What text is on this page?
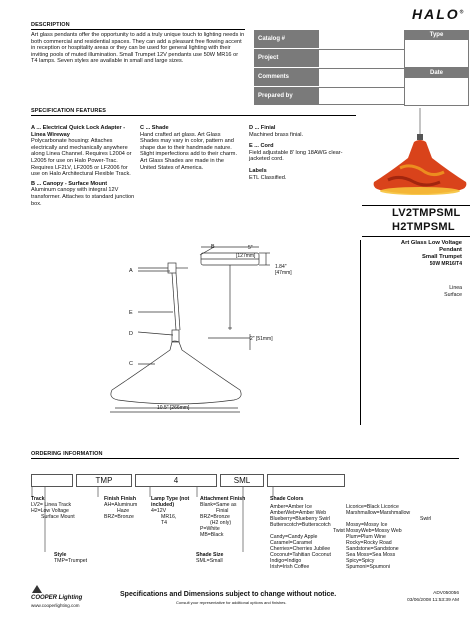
HALO®
DESCRIPTION
Art glass pendants offer the opportunity to add a truly unique touch to lighting needs in both commercial and residential spaces. They can add a pleasant free flowing accent in reception or hospitality areas or they can be used for general lighting with their inviting pools of muted illumination. Small Trumpet 12V pendants use 50W MR16 or T4 lamps. Seven styles are available in small and large sizes.
Catalog #
Project
Comments
Prepared by
Type
Date
SPECIFICATION FEATURES
A ... Electrical Quick Lock Adapter - Linea Wireway
Polycarbonate housing: Attaches electrically and mechanically anywhere along Linea Channel. Requires L2004 or L2005 for use on Halo Power-Trac. Requires LF2LV, LF2005 or LF2006 for use on Halo Architectural Flexible Track.
B ... Canopy - Surface Mount
Aluminum canopy with integral 12V transformer. Attaches to standard junction box.
C ... Shade
Hand crafted art glass. Art Glass Shades may vary in color, pattern and shape due to their handmade nature. Slight imperfections add to their charm. Art Glass Shades are made in the United States of America.
D ... Finial
Machined brass finial.
E ... Cord
Field adjustable 8' long 18AWG clear-jacketed cord.
Labels
ETL Classified.
LV2TMPSML
H2TMPSML
Art Glass Low Voltage
Pendant
Small Trumpet
50W MR16/T4
Linea
Surface
A
B
C
D
E
5"
[127mm]
1.84"
[47mm]
2" [51mm]
10.5" [266mm]
ORDERING INFORMATION
TMP	4	SML
Track
LV2= Linea Track
H2=Low Voltage
Surface Mount
Finish Finish
AH=Aluminum
Haze
BRZ=Bronze
Lamp Type (not included)
4=12V
MR16,
T4
Attachment Finish
Blank=Same as
Finial
BRZ=Bronze
(H2 only)
P=White
MB=Black
Shade Size
SML=Small
Style
TMP=Trumpet
Shade Colors
Amber=Amber Ice
AmberWeb=Amber Web
Blueberry=Blueberry Swirl
Butterscotch=Butterscotch
Twist
Candy=Candy Apple
Caramel=Caramel
Cherries=Cherries Jubilee
Coconut=Tahitian Coconut
Indigo=Indigo
Irish=Irish Coffee
Licorice=Black Licorice
Marshmallow=Marshmallow
Swirl
Mossy=Mossy Ice
MossyWeb=Mossy Web
Plum=Plum Wine
Rocky=Rocky Road
Sandstone=Sandstone
Sea Moss=Sea Moss
Spicy=Spicy
Spumoni=Spumoni
COOPER Lighting
www.cooperlighting.com
Specifications and Dimensions subject to change without notice.
Consult your representative for additional options and finishes.
ADV050056
03/06/2008 11:53:39 AM
